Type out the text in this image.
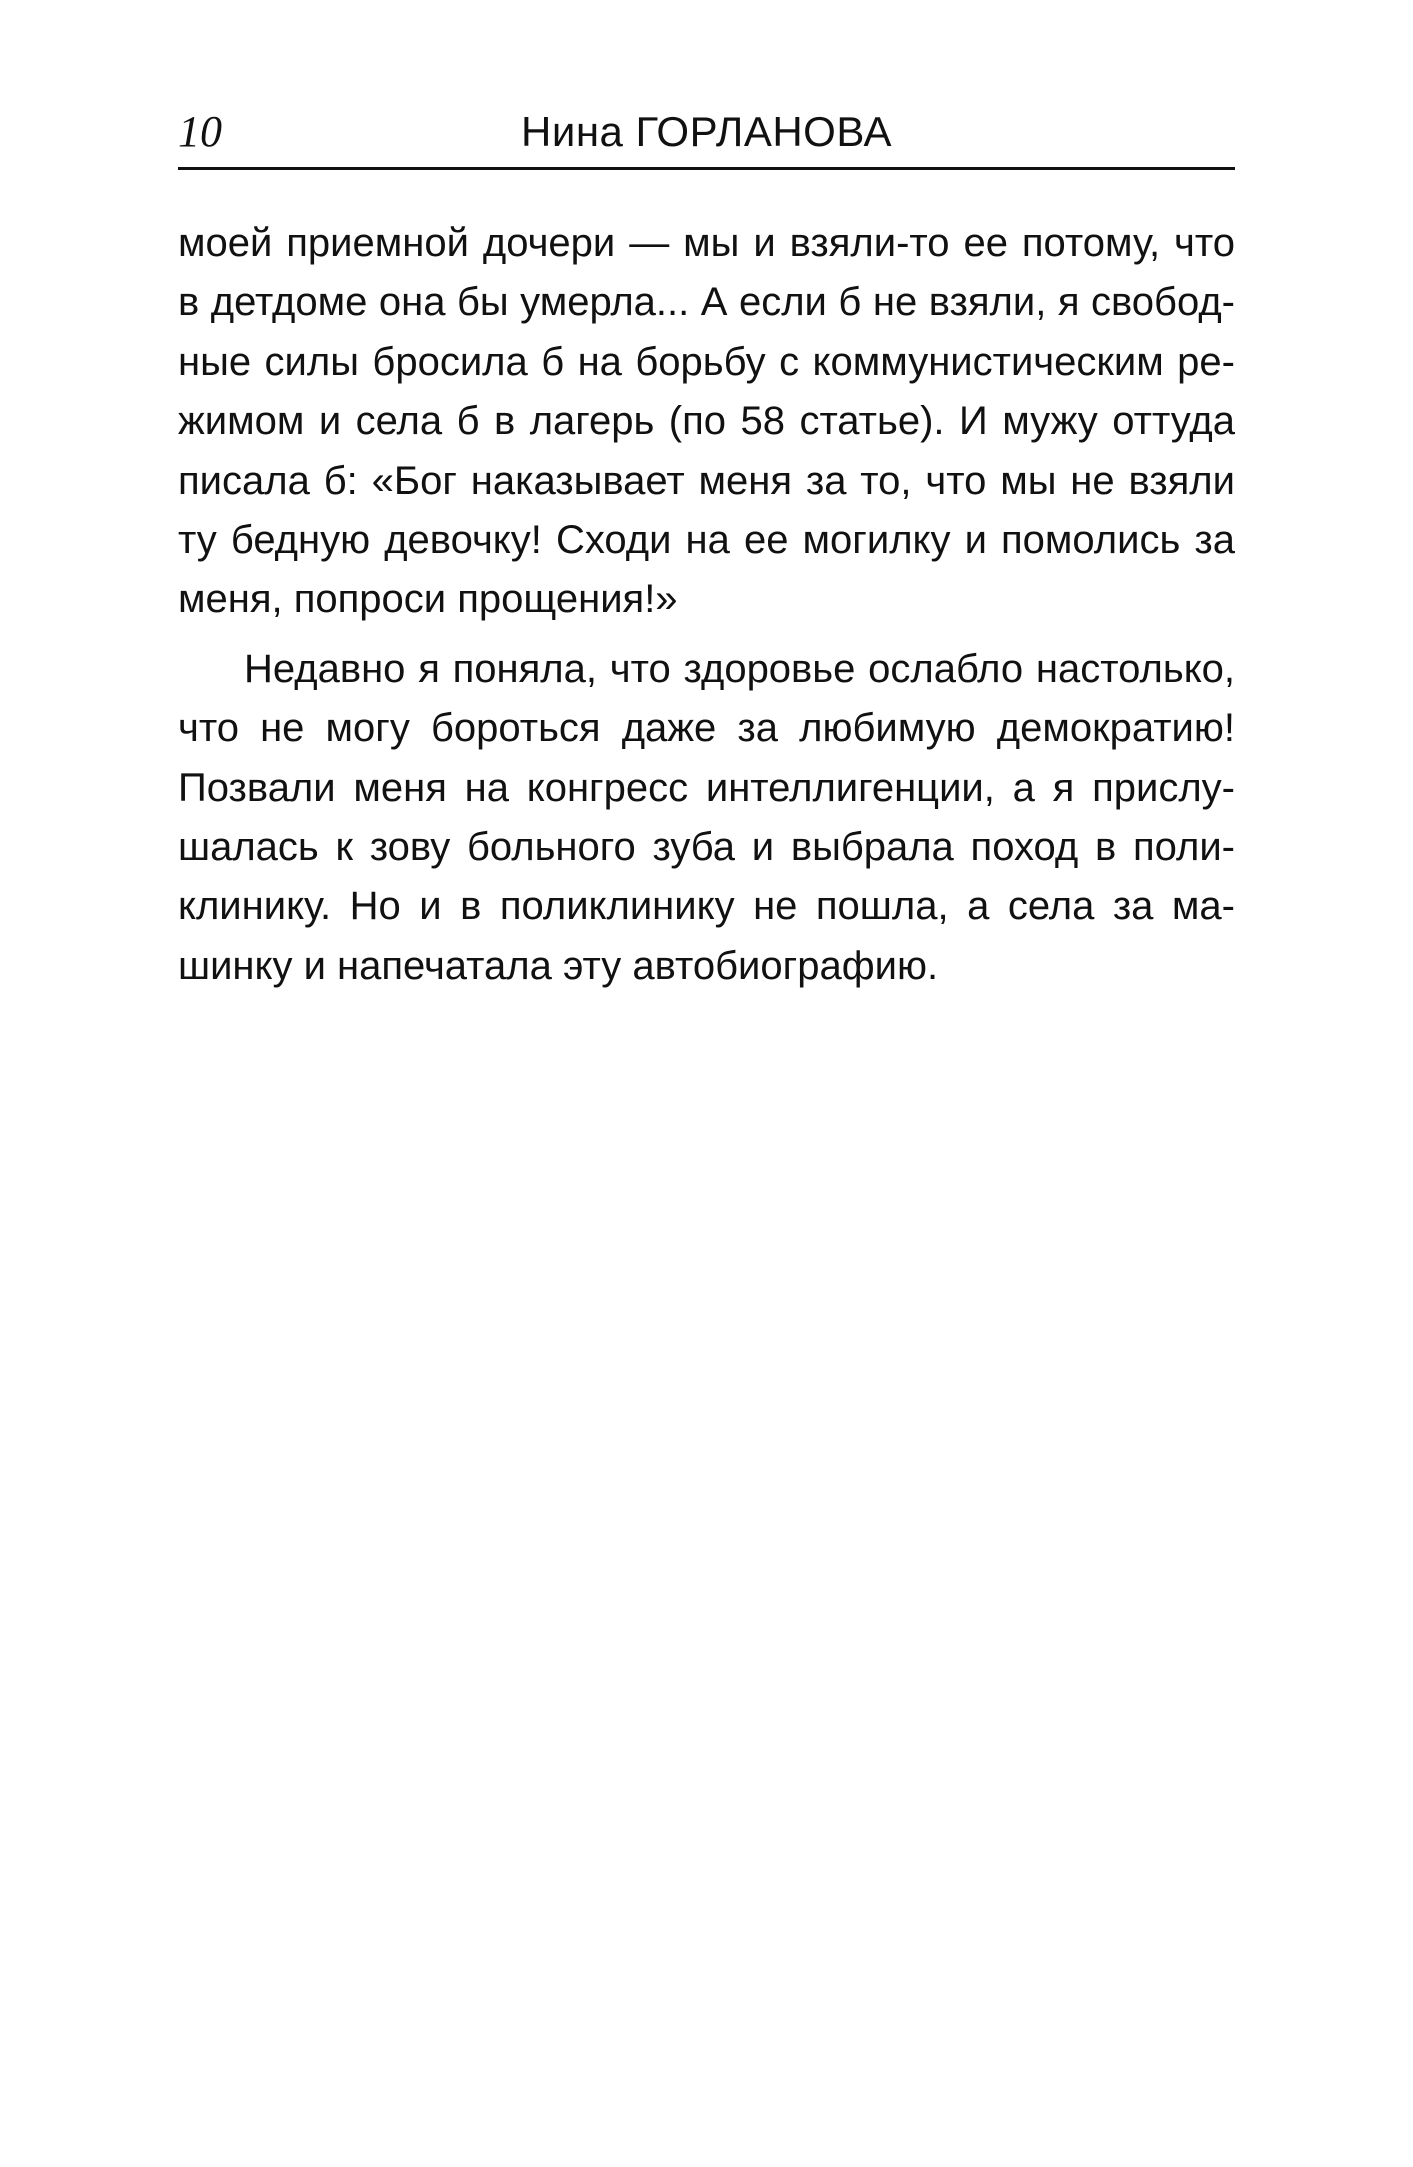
10	Нина ГОРЛАНОВА
моей приемной дочери — мы и взяли-то ее потому, что
в детдоме она бы умерла... А если б не взяли, я свобод-
ные силы бросила б на борьбу с коммунистическим ре-
жимом и села б в лагерь (по 58 статье). И мужу оттуда
писала б: «Бог наказывает меня за то, что мы не взяли
ту бедную девочку! Сходи на ее могилку и помолись за
меня, попроси прощения!»
Недавно я поняла, что здоровье ослабло настолько,
что не могу бороться даже за любимую демократию!
Позвали меня на конгресс интеллигенции, а я прислу-
шалась к зову больного зуба и выбрала поход в поли-
клинику. Но и в поликлинику не пошла, а села за ма-
шинку и напечатала эту автобиографию.
